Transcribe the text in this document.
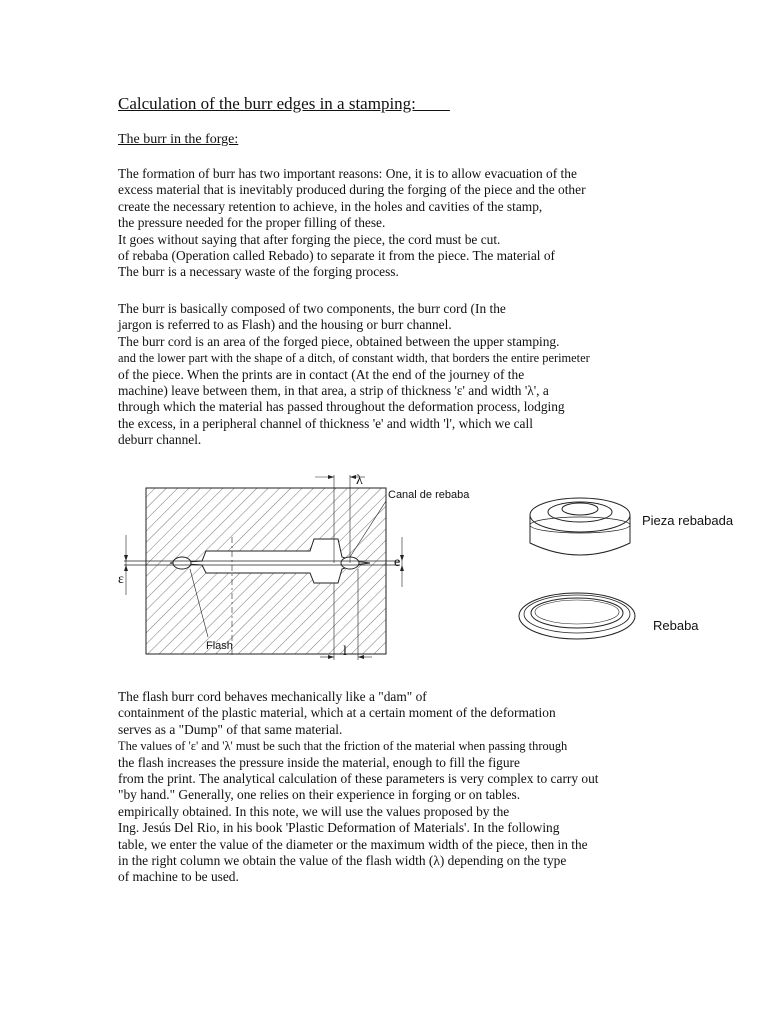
Calculation of the burr edges in a stamping:
The burr in the forge:
The formation of burr has two important reasons: One, it is to allow evacuation of the
excess material that is inevitably produced during the forging of the piece and the other
create the necessary retention to achieve, in the holes and cavities of the stamp,
the pressure needed for the proper filling of these.
It goes without saying that after forging the piece, the cord must be cut.
of rebaba (Operation called Rebado) to separate it from the piece. The material of
The burr is a necessary waste of the forging process.
The burr is basically composed of two components, the burr cord (In the
jargon is referred to as Flash) and the housing or burr channel.
The burr cord is an area of the forged piece, obtained between the upper stamping.
and the lower part with the shape of a ditch, of constant width, that borders the entire perimeter
of the piece. When the prints are in contact (At the end of the journey of the
machine) leave between them, in that area, a strip of thickness 'ε' and width 'λ', a
through which the material has passed throughout the deformation process, lodging
the excess, in a peripheral channel of thickness 'e' and width 'l', which we call
deburr channel.
λ
ε
e
l
Canal de rebaba
Flash
Pieza rebabada
Rebaba
The flash burr cord behaves mechanically like a "dam" of
containment of the plastic material, which at a certain moment of the deformation
serves as a "Dump" of that same material.
The values of 'ε' and 'λ' must be such that the friction of the material when passing through
the flash increases the pressure inside the material, enough to fill the figure
from the print. The analytical calculation of these parameters is very complex to carry out
"by hand." Generally, one relies on their experience in forging or on tables.
empirically obtained. In this note, we will use the values proposed by the
Ing. Jesús Del Rio, in his book 'Plastic Deformation of Materials'. In the following
table, we enter the value of the diameter or the maximum width of the piece, then in the
in the right column we obtain the value of the flash width (λ) depending on the type
of machine to be used.
